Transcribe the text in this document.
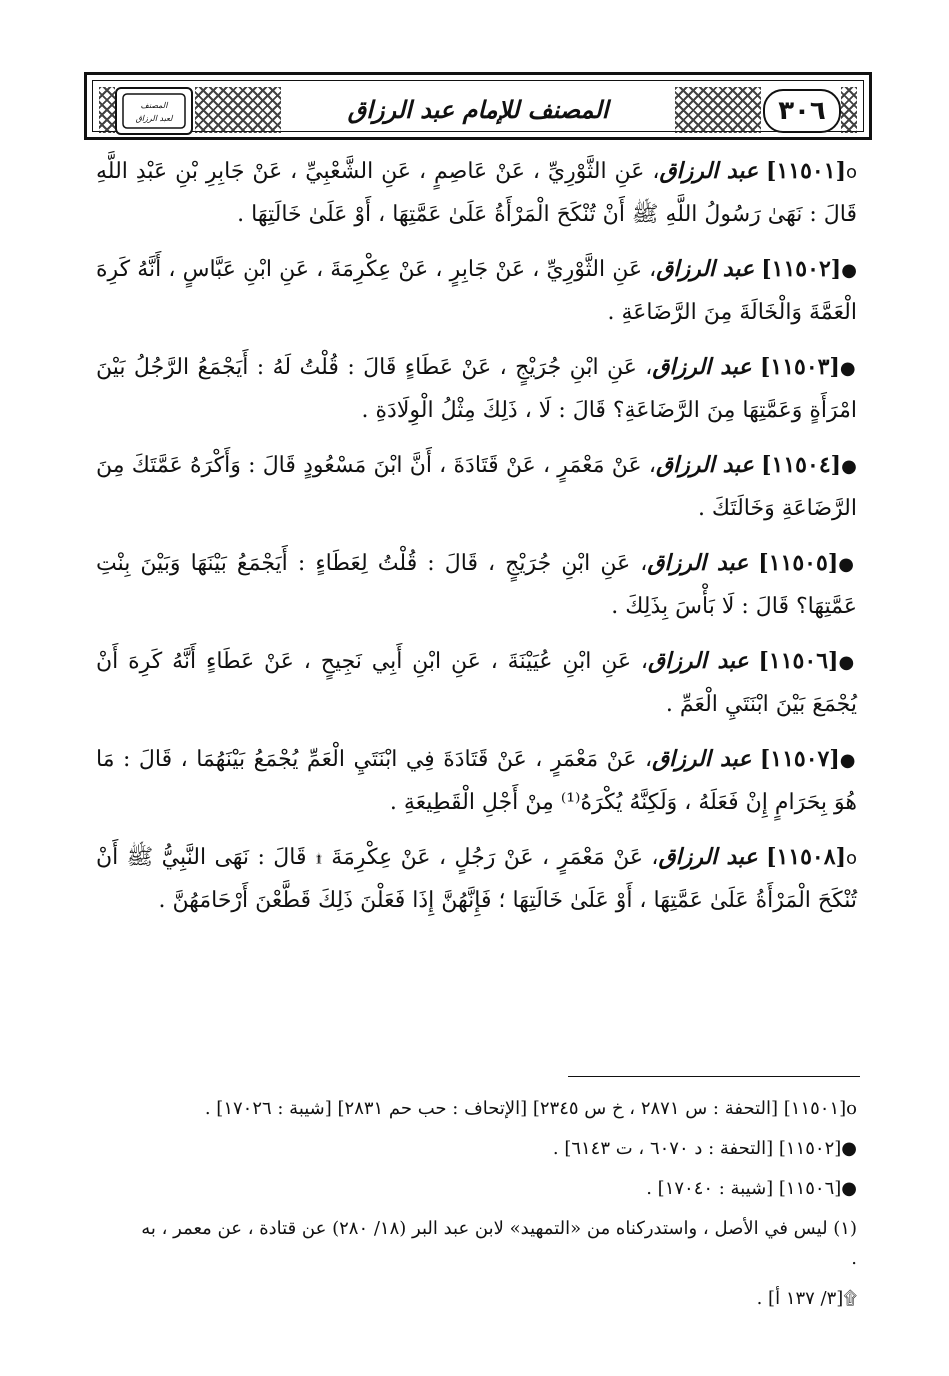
المصنف
لعبد الرزاق	المصنف للإمام عبد الرزاق	٣٠٦

ο[١١٥٠١] عبد الرزاق، عَنِ الثَّوْرِيِّ ، عَنْ عَاصِمٍ ، عَنِ الشَّعْبِيِّ ، عَنْ جَابِرِ بْنِ عَبْدِ اللَّهِ قَالَ : نَهَىٰ رَسُولُ اللَّهِ ﷺ أَنْ تُنْكَحَ الْمَرْأَةُ عَلَىٰ عَمَّتِهَا ، أَوْ عَلَىٰ خَالَتِهَا .

●[١١٥٠٢] عبد الرزاق، عَنِ الثَّوْرِيِّ ، عَنْ جَابِرٍ ، عَنْ عِكْرِمَةَ ، عَنِ ابْنِ عَبَّاسٍ ، أَنَّهُ كَرِهَ الْعَمَّةَ وَالْخَالَةَ مِنَ الرَّضَاعَةِ .

●[١١٥٠٣] عبد الرزاق، عَنِ ابْنِ جُرَيْجٍ ، عَنْ عَطَاءٍ قَالَ : قُلْتُ لَهُ : أَيَجْمَعُ الرَّجُلُ بَيْنَ امْرَأَةٍ وَعَمَّتِهَا مِنَ الرَّضَاعَةِ؟ قَالَ : لَا ، ذَلِكَ مِثْلُ الْوِلَادَةِ .

●[١١٥٠٤] عبد الرزاق، عَنْ مَعْمَرٍ ، عَنْ قَتَادَةَ ، أَنَّ ابْنَ مَسْعُودٍ قَالَ : وَأَكْرَهُ عَمَّتَكَ مِنَ الرَّضَاعَةِ وَخَالَتَكَ .

●[١١٥٠٥] عبد الرزاق، عَنِ ابْنِ جُرَيْجٍ ، قَالَ : قُلْتُ لِعَطَاءٍ : أَيَجْمَعُ بَيْنَهَا وَبَيْنَ بِنْتِ عَمَّتِهَا؟ قَالَ : لَا بَأْسَ بِذَلِكَ .

●[١١٥٠٦] عبد الرزاق، عَنِ ابْنِ عُيَيْنَةَ ، عَنِ ابْنِ أَبِي نَجِيحٍ ، عَنْ عَطَاءٍ أَنَّهُ كَرِهَ أَنْ يُجْمَعَ بَيْنَ ابْنَتَيِ الْعَمِّ .

●[١١٥٠٧] عبد الرزاق، عَنْ مَعْمَرٍ ، عَنْ قَتَادَةَ فِي ابْنَتَيِ الْعَمِّ يُجْمَعُ بَيْنَهُمَا ، قَالَ : مَا هُوَ بِحَرَامٍ إِنْ فَعَلَهُ ، وَلَكِنَّهُ يُكْرَهُ⁽¹⁾ مِنْ أَجْلِ الْقَطِيعَةِ .

ο[١١٥٠٨] عبد الرزاق، عَنْ مَعْمَرٍ ، عَنْ رَجُلٍ ، عَنْ عِكْرِمَةَ ۩ قَالَ : نَهَى النَّبِيُّ ﷺ أَنْ تُنْكَحَ الْمَرْأَةُ عَلَىٰ عَمَّتِهَا ، أَوْ عَلَىٰ خَالَتِهَا ؛ فَإِنَّهُنَّ إِذَا فَعَلْنَ ذَلِكَ قَطَّعْنَ أَرْحَامَهُنَّ .

ο[١١٥٠١] [التحفة : س ٢٨٧١ ، خ س ٢٣٤٥] [الإتحاف : حب حم ٢٨٣١] [شيبة : ١٧٠٢٦] .

●[١١٥٠٢] [التحفة : د ٦٠٧٠ ، ت ٦١٤٣] .

●[١١٥٠٦] [شيبة : ١٧٠٤٠] .

(١) ليس في الأصل ، واستدركناه من «التمهيد» لابن عبد البر (١٨/ ٢٨٠) عن قتادة ، عن معمر ، به .

۩[٣/ ١٣٧ أ] .
